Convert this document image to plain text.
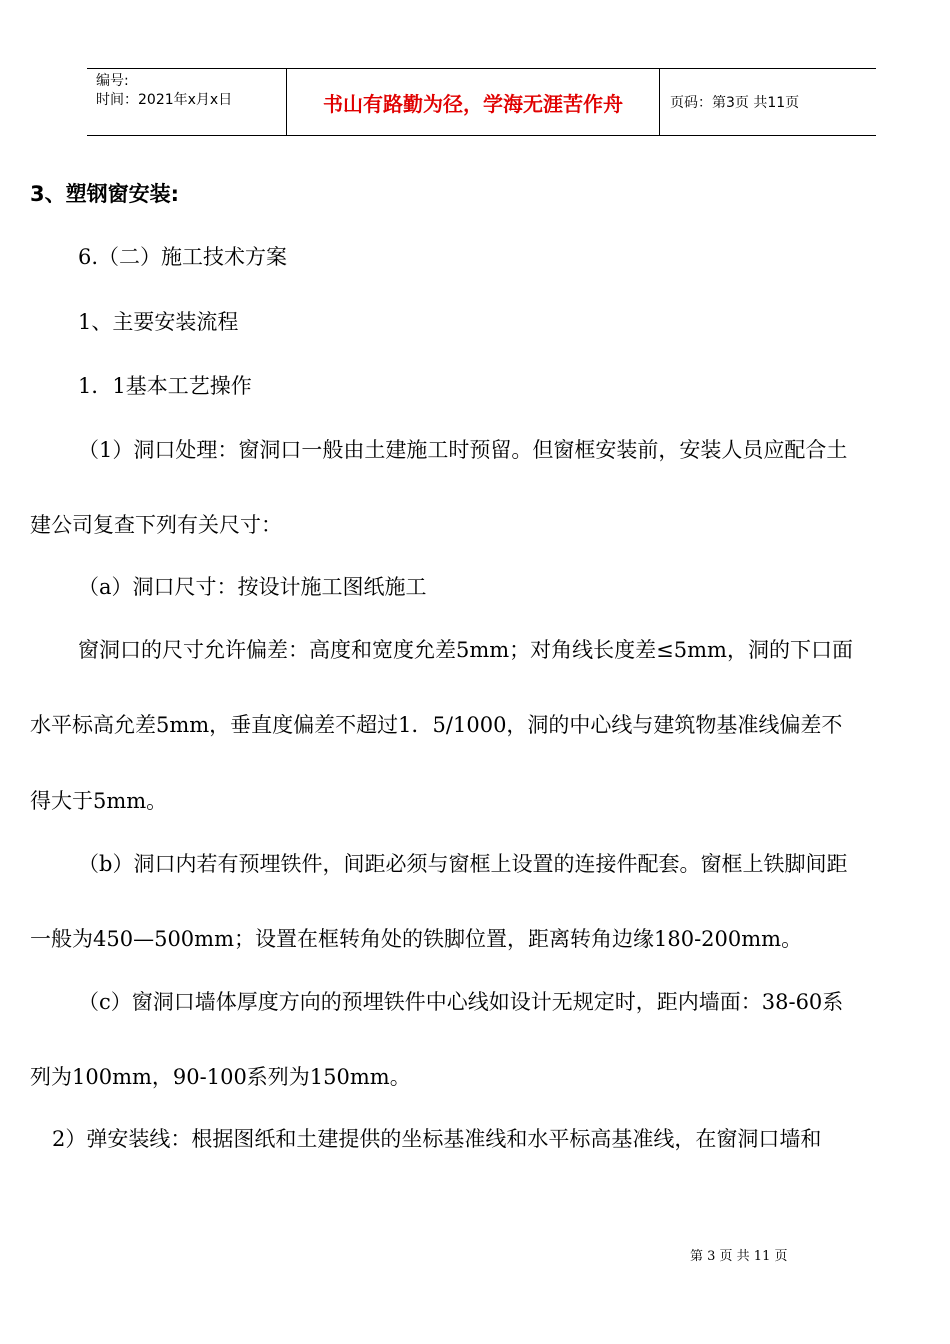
编号:
时间：2021年x月x日	书山有路勤为径，学海无涯苦作舟	页码：第3页 共11页

3、塑钢窗安装:

6.（二）施工技术方案

1、主要安装流程

1．1基本工艺操作

（1）洞口处理：窗洞口一般由土建施工时预留。但窗框安装前，安装人员应配合土

建公司复查下列有关尺寸：

（a）洞口尺寸：按设计施工图纸施工

窗洞口的尺寸允许偏差：高度和宽度允差5mm；对角线长度差≤5mm，洞的下口面

水平标高允差5mm，垂直度偏差不超过1．5/1000，洞的中心线与建筑物基准线偏差不

得大于5mm。

（b）洞口内若有预埋铁件，间距必须与窗框上设置的连接件配套。窗框上铁脚间距

一般为450—500mm；设置在框转角处的铁脚位置，距离转角边缘180-200mm。

（c）窗洞口墙体厚度方向的预埋铁件中心线如设计无规定时，距内墙面：38-60系

列为100mm，90-100系列为150mm。

2）弹安装线：根据图纸和土建提供的坐标基准线和水平标高基准线，在窗洞口墙和

第 3 页 共 11 页
